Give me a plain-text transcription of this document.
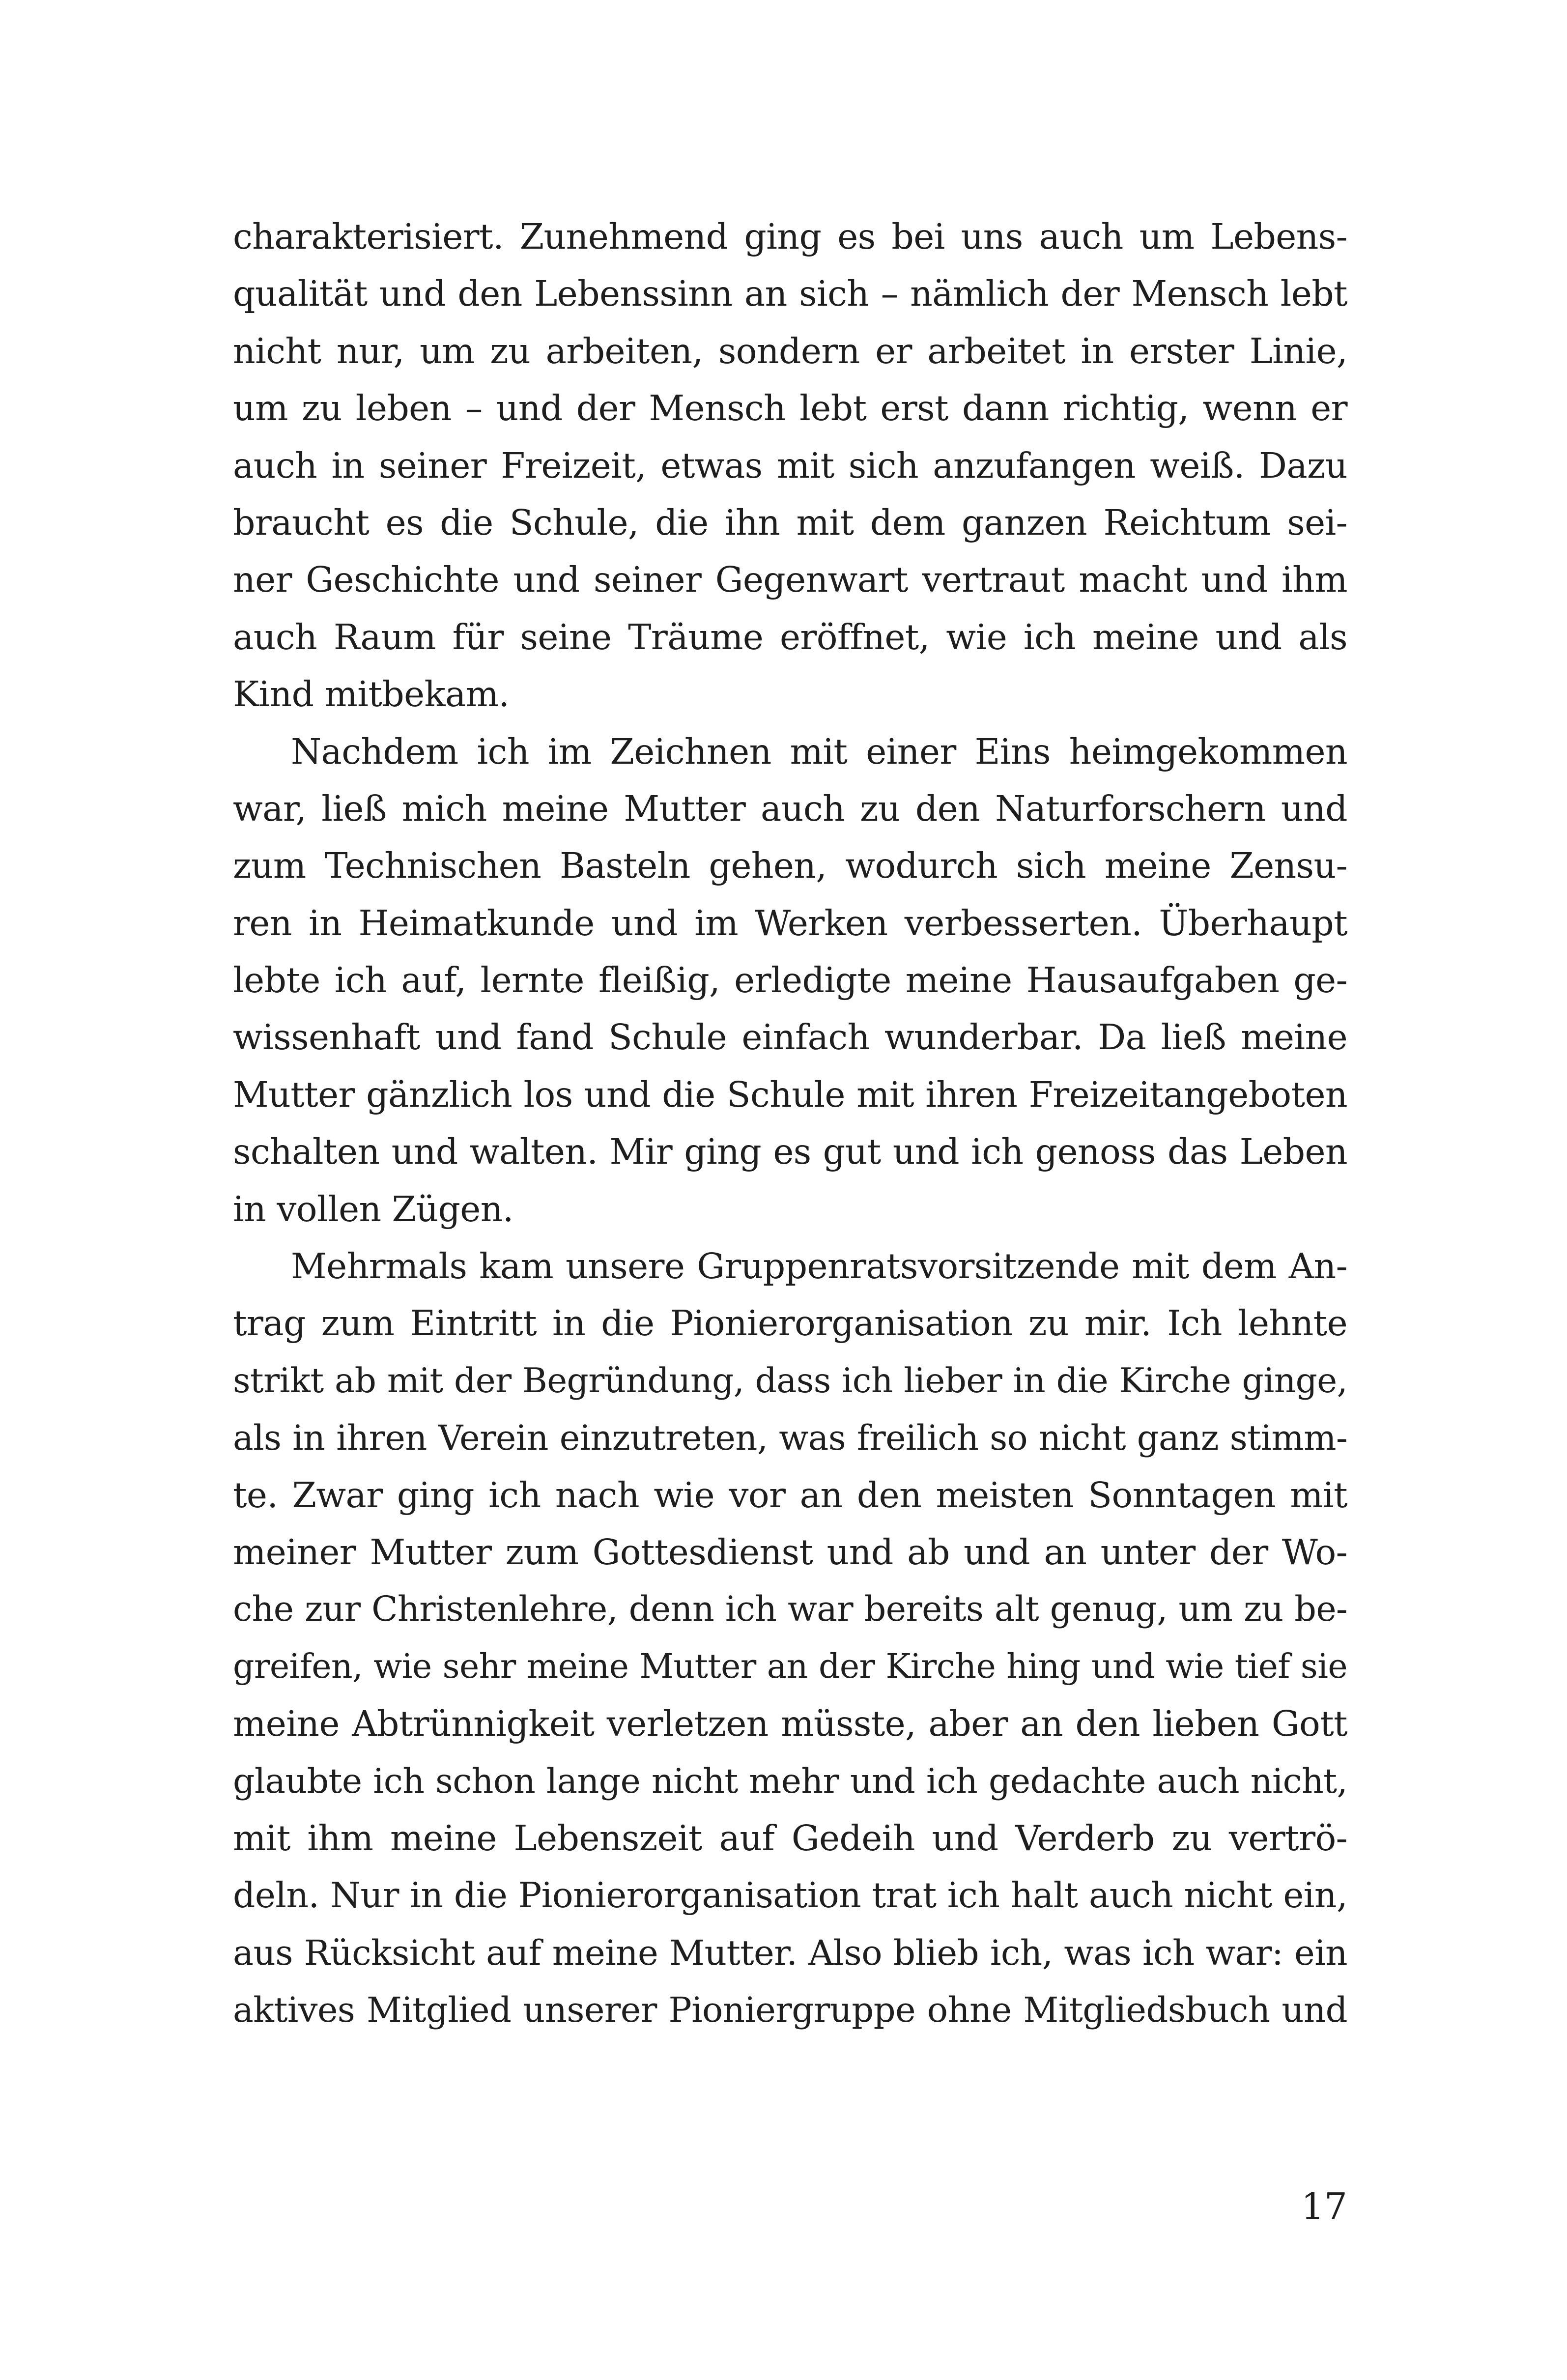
charakterisiert. Zunehmend ging es bei uns auch um Lebens-
qualität und den Lebenssinn an sich – nämlich der Mensch lebt
nicht nur, um zu arbeiten, sondern er arbeitet in erster Linie,
um zu leben – und der Mensch lebt erst dann richtig, wenn er
auch in seiner Freizeit, etwas mit sich anzufangen weiß. Dazu
braucht es die Schule, die ihn mit dem ganzen Reichtum sei-
ner Geschichte und seiner Gegenwart vertraut macht und ihm
auch Raum für seine Träume eröffnet, wie ich meine und als
Kind mitbekam.
Nachdem ich im Zeichnen mit einer Eins heimgekommen
war, ließ mich meine Mutter auch zu den Naturforschern und
zum Technischen Basteln gehen, wodurch sich meine Zensu-
ren in Heimatkunde und im Werken verbesserten. Überhaupt
lebte ich auf, lernte fleißig, erledigte meine Hausaufgaben ge-
wissenhaft und fand Schule einfach wunderbar. Da ließ meine
Mutter gänzlich los und die Schule mit ihren Freizeitangeboten
schalten und walten. Mir ging es gut und ich genoss das Leben
in vollen Zügen.
Mehrmals kam unsere Gruppenratsvorsitzende mit dem An-
trag zum Eintritt in die Pionierorganisation zu mir. Ich lehnte
strikt ab mit der Begründung, dass ich lieber in die Kirche ginge,
als in ihren Verein einzutreten, was freilich so nicht ganz stimm-
te. Zwar ging ich nach wie vor an den meisten Sonntagen mit
meiner Mutter zum Gottesdienst und ab und an unter der Wo-
che zur Christenlehre, denn ich war bereits alt genug, um zu be-
greifen, wie sehr meine Mutter an der Kirche hing und wie tief sie
meine Abtrünnigkeit verletzen müsste, aber an den lieben Gott
glaubte ich schon lange nicht mehr und ich gedachte auch nicht,
mit ihm meine Lebenszeit auf Gedeih und Verderb zu vertrö-
deln. Nur in die Pionierorganisation trat ich halt auch nicht ein,
aus Rücksicht auf meine Mutter. Also blieb ich, was ich war: ein
aktives Mitglied unserer Pioniergruppe ohne Mitgliedsbuch und
17
